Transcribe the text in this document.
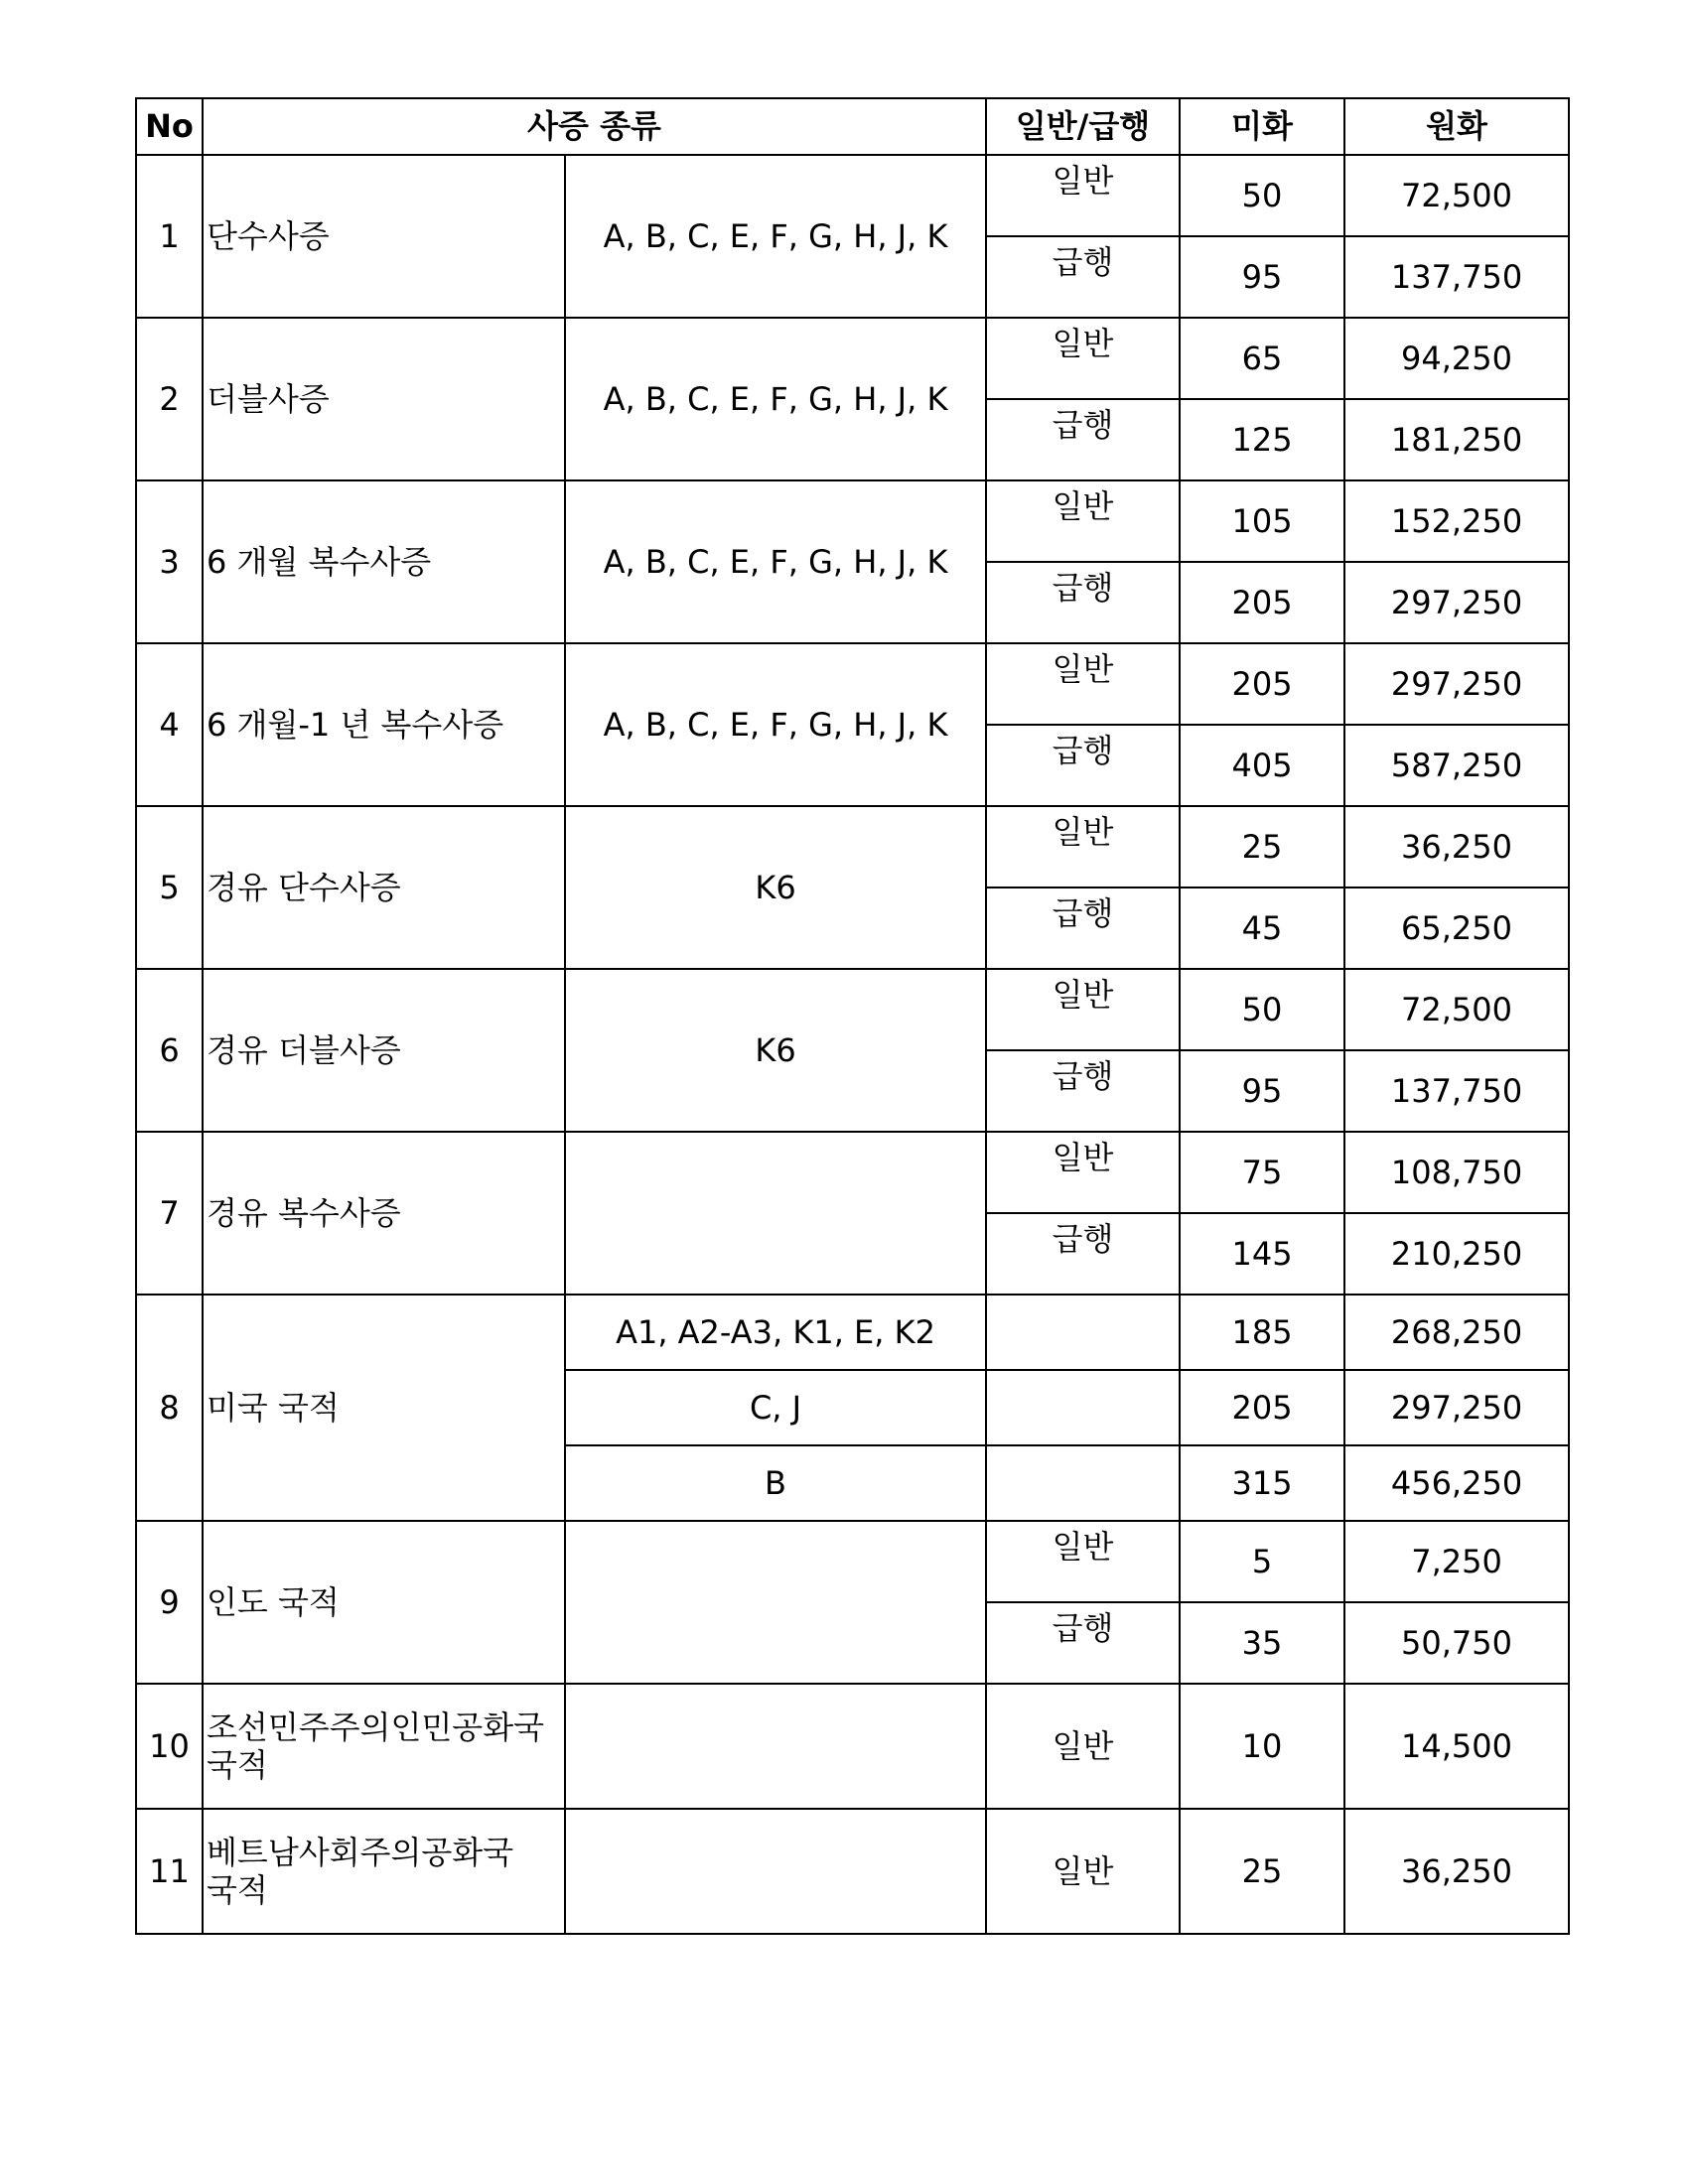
No	사증 종류		일반/급행	미화	원화
1	단수사증	A, B, C, E, F, G, H, J, K	일반	50	72,500
			급행	95	137,750
2	더블사증	A, B, C, E, F, G, H, J, K	일반	65	94,250
			급행	125	181,250
3	6 개월 복수사증	A, B, C, E, F, G, H, J, K	일반	105	152,250
			급행	205	297,250
4	6 개월-1 년 복수사증	A, B, C, E, F, G, H, J, K	일반	205	297,250
			급행	405	587,250
5	경유 단수사증	K6	일반	25	36,250
			급행	45	65,250
6	경유 더블사증	K6	일반	50	72,500
			급행	95	137,750
7	경유 복수사증		일반	75	108,750
			급행	145	210,250
8	미국 국적	A1, A2-A3, K1, E, K2		185	268,250
		C, J		205	297,250
		B		315	456,250
9	인도 국적		일반	5	7,250
			급행	35	50,750
10	조선민주주의인민공화국
국적		일반	10	14,500
11	베트남사회주의공화국
국적		일반	25	36,250
